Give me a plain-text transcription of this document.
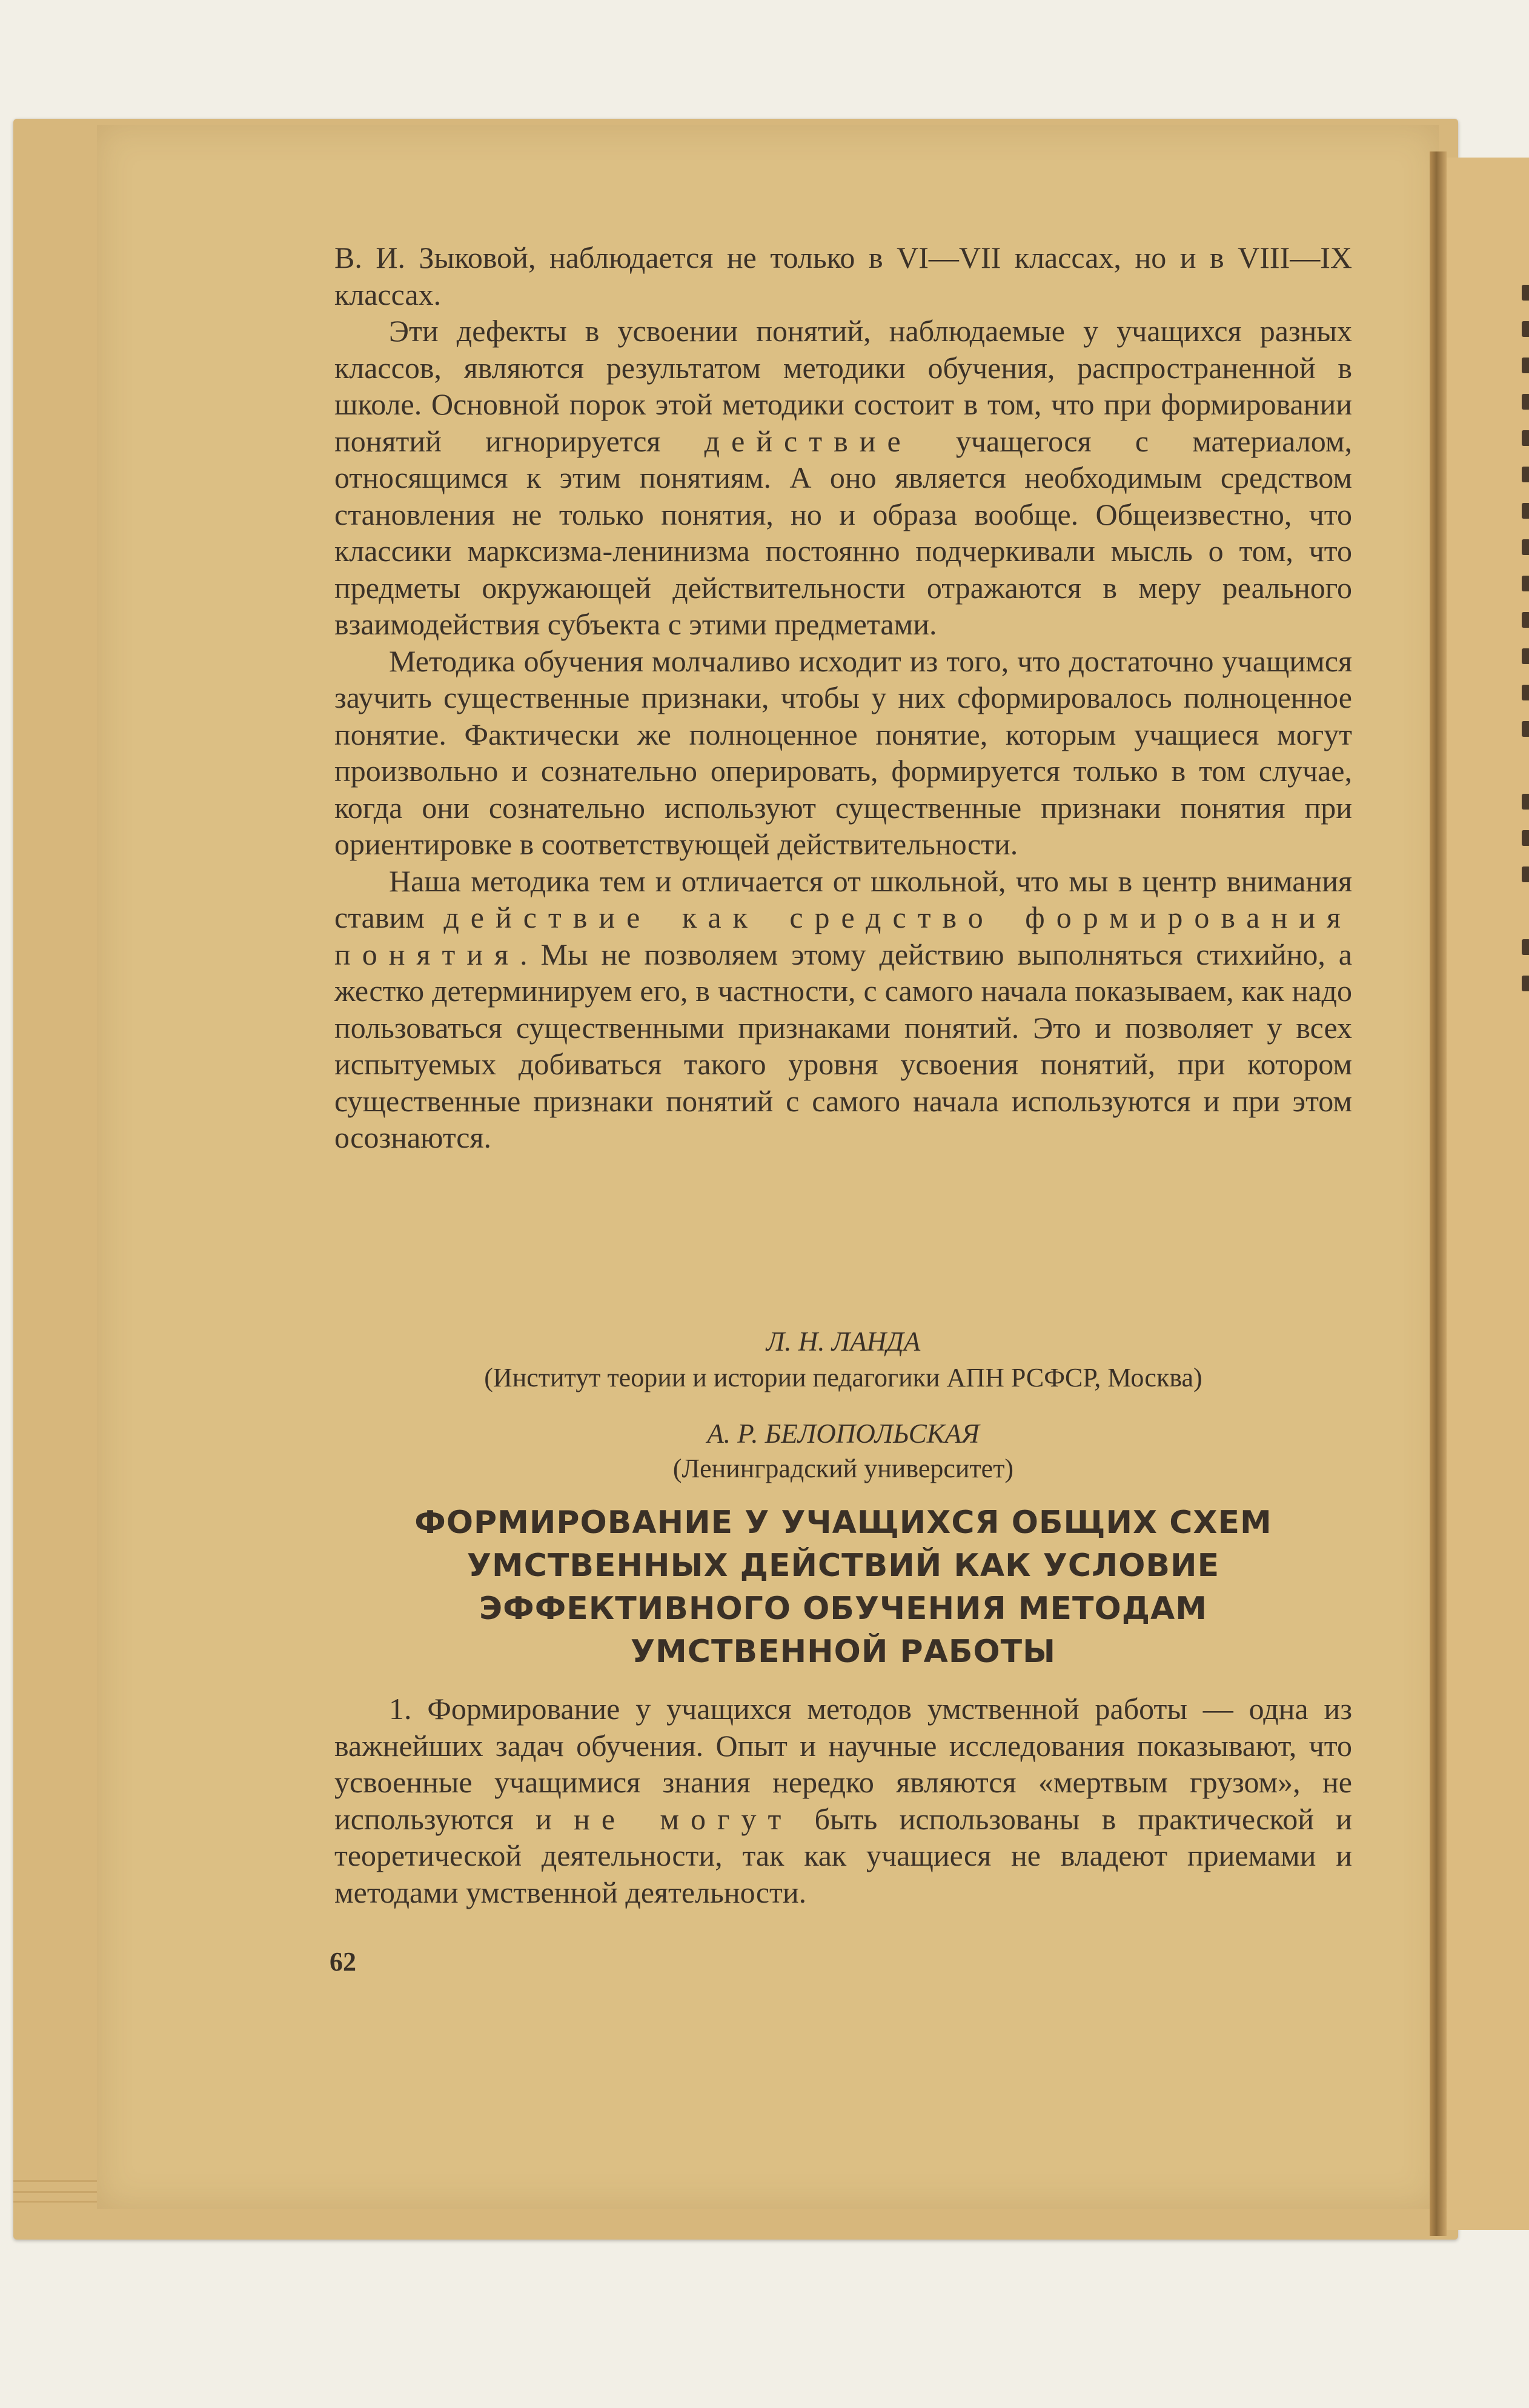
В. И. Зыковой, наблюдается не только в VI—VII классах, но и в VIII—IX классах.

Эти дефекты в усвоении понятий, наблюдаемые у учащихся разных классов, являются результатом методики обучения, распространенной в школе. Основной порок этой методики состоит в том, что при формировании понятий игнорируется действие учащегося с материалом, относящимся к этим понятиям. А оно является необходимым средством становления не только понятия, но и образа вообще. Общеизвестно, что классики марксизма-ленинизма постоянно подчеркивали мысль о том, что предметы окружающей действительности отражаются в меру реального взаимодействия субъекта с этими предметами.

Методика обучения молчаливо исходит из того, что достаточно учащимся заучить существенные признаки, чтобы у них сформировалось полноценное понятие. Фактически же полноценное понятие, которым учащиеся могут произвольно и сознательно оперировать, формируется только в том случае, когда они сознательно используют существенные признаки понятия при ориентировке в соответствующей действительности.

Наша методика тем и отличается от школьной, что мы в центр внимания ставим действие как средство формирования понятия. Мы не позволяем этому действию выполняться стихийно, а жестко детерминируем его, в частности, с самого начала показываем, как надо пользоваться существенными признаками понятий. Это и позволяет у всех испытуемых добиваться такого уровня усвоения понятий, при котором существенные признаки понятий с самого начала используются и при этом осознаются.

Л. Н. ЛАНДА
(Институт теории и истории педагогики АПН РСФСР, Москва)
А. Р. БЕЛОПОЛЬСКАЯ
(Ленинградский университет)
ФОРМИРОВАНИЕ У УЧАЩИХСЯ ОБЩИХ СХЕМ
УМСТВЕННЫХ ДЕЙСТВИЙ КАК УСЛОВИЕ
ЭФФЕКТИВНОГО ОБУЧЕНИЯ МЕТОДАМ
УМСТВЕННОЙ РАБОТЫ

1. Формирование у учащихся методов умственной работы — одна из важнейших задач обучения. Опыт и научные исследования показывают, что усвоенные учащимися знания нередко являются «мертвым грузом», не используются и не могут быть использованы в практической и теоретической деятельности, так как учащиеся не владеют приемами и методами умственной деятельности.

62
